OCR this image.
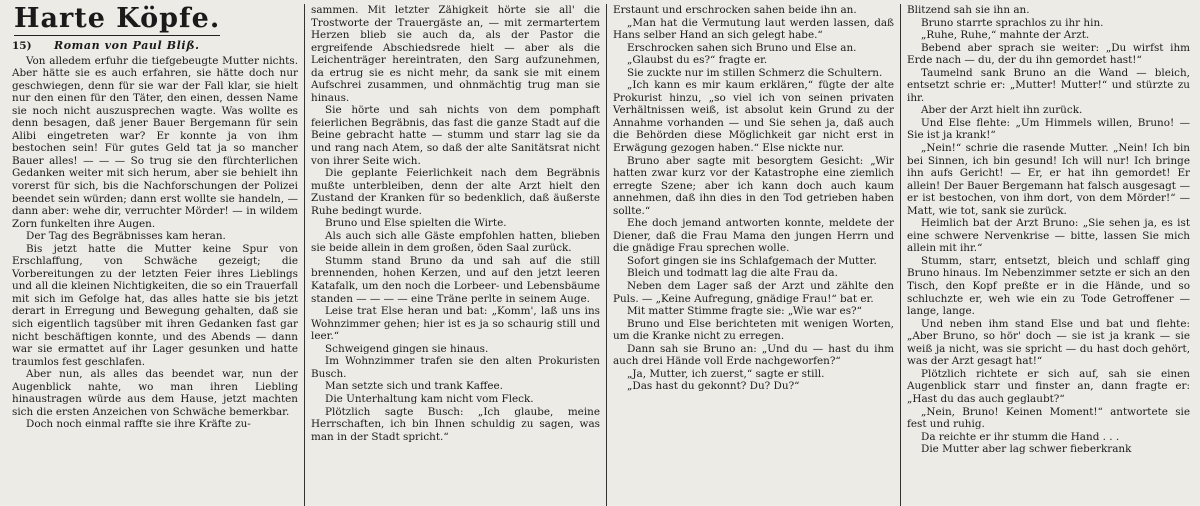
Harte Köpfe.
15)	Roman von Paul Bliß.

Von alledem erfuhr die tiefgebeugte Mutter nichts. Aber hätte sie es auch erfahren, sie hätte doch nur geschwiegen, denn für sie war der Fall klar, sie hielt nur den einen für den Täter, den einen, dessen Name sie noch nicht auszusprechen wagte. Was wollte es denn besagen, daß jener Bauer Bergemann für sein Alibi eingetreten war? Er konnte ja von ihm bestochen sein! Für gutes Geld tat ja so mancher Bauer alles! — — — So trug sie den fürchterlichen Gedanken weiter mit sich herum, aber sie behielt ihn vorerst für sich, bis die Nachforschungen der Polizei beendet sein würden; dann erst wollte sie handeln, — dann aber: wehe dir, verruchter Mörder! — in wildem Zorn funkelten ihre Augen.

Der Tag des Begräbnisses kam heran.

Bis jetzt hatte die Mutter keine Spur von Erschlaffung, von Schwäche gezeigt; die Vorbereitungen zu der letzten Feier ihres Lieblings und all die kleinen Nichtigkeiten, die so ein Trauerfall mit sich im Gefolge hat, das alles hatte sie bis jetzt derart in Erregung und Bewegung gehalten, daß sie sich eigentlich tagsüber mit ihren Gedanken fast gar nicht beschäftigen konnte, und des Abends — dann war sie ermattet auf ihr Lager gesunken und hatte traumlos fest geschlafen.

Aber nun, als alles das beendet war, nun der Augenblick nahte, wo man ihren Liebling hinaustragen würde aus dem Hause, jetzt machten sich die ersten Anzeichen von Schwäche bemerkbar.

Doch noch einmal raffte sie ihre Kräfte zu-

sammen. Mit letzter Zähigkeit hörte sie all' die Trostworte der Trauergäste an, — mit zermartertem Herzen blieb sie auch da, als der Pastor die ergreifende Abschiedsrede hielt — aber als die Leichenträger hereintraten, den Sarg aufzunehmen, da ertrug sie es nicht mehr, da sank sie mit einem Aufschrei zusammen, und ohnmächtig trug man sie hinaus.

Sie hörte und sah nichts von dem pomphaft feierlichen Begräbnis, das fast die ganze Stadt auf die Beine gebracht hatte — stumm und starr lag sie da und rang nach Atem, so daß der alte Sanitätsrat nicht von ihrer Seite wich.

Die geplante Feierlichkeit nach dem Begräbnis mußte unterbleiben, denn der alte Arzt hielt den Zustand der Kranken für so bedenklich, daß äußerste Ruhe bedingt wurde.

Bruno und Else spielten die Wirte.

Als auch sich alle Gäste empfohlen hatten, blieben sie beide allein in dem großen, öden Saal zurück.

Stumm stand Bruno da und sah auf die still brennenden, hohen Kerzen, und auf den jetzt leeren Katafalk, um den noch die Lorbeer- und Lebensbäume standen — — — — eine Träne perlte in seinem Auge.

Leise trat Else heran und bat: „Komm', laß uns ins Wohnzimmer gehen; hier ist es ja so schaurig still und leer.“

Schweigend gingen sie hinaus.

Im Wohnzimmer trafen sie den alten Prokuristen Busch.

Man setzte sich und trank Kaffee.

Die Unterhaltung kam nicht vom Fleck.

Plötzlich sagte Busch: „Ich glaube, meine Herrschaften, ich bin Ihnen schuldig zu sagen, was man in der Stadt spricht.“

Erstaunt und erschrocken sahen beide ihn an.

„Man hat die Vermutung laut werden lassen, daß Hans selber Hand an sich gelegt habe.“

Erschrocken sahen sich Bruno und Else an.

„Glaubst du es?“ fragte er.

Sie zuckte nur im stillen Schmerz die Schultern.

„Ich kann es mir kaum erklären,“ fügte der alte Prokurist hinzu, „so viel ich von seinen privaten Verhältnissen weiß, ist absolut kein Grund zu der Annahme vorhanden — und Sie sehen ja, daß auch die Behörden diese Möglichkeit gar nicht erst in Erwägung gezogen haben.“ Else nickte nur.

Bruno aber sagte mit besorgtem Gesicht: „Wir hatten zwar kurz vor der Katastrophe eine ziemlich erregte Szene; aber ich kann doch auch kaum annehmen, daß ihn dies in den Tod getrieben haben sollte.“

Ehe doch jemand antworten konnte, meldete der Diener, daß die Frau Mama den jungen Herrn und die gnädige Frau sprechen wolle.

Sofort gingen sie ins Schlafgemach der Mutter.

Bleich und todmatt lag die alte Frau da.

Neben dem Lager saß der Arzt und zählte den Puls. — „Keine Aufregung, gnädige Frau!“ bat er.

Mit matter Stimme fragte sie: „Wie war es?“

Bruno und Else berichteten mit wenigen Worten, um die Kranke nicht zu erregen.

Dann sah sie Bruno an: „Und du — hast du ihm auch drei Hände voll Erde nachgeworfen?“

„Ja, Mutter, ich zuerst,“ sagte er still.

„Das hast du gekonnt? Du? Du?“

Blitzend sah sie ihn an.

Bruno starrte sprachlos zu ihr hin.

„Ruhe, Ruhe,“ mahnte der Arzt.

Bebend aber sprach sie weiter: „Du wirfst ihm Erde nach — du, der du ihn gemordet hast!“

Taumelnd sank Bruno an die Wand — bleich, entsetzt schrie er: „Mutter! Mutter!“ und stürzte zu ihr.

Aber der Arzt hielt ihn zurück.

Und Else flehte: „Um Himmels willen, Bruno! — Sie ist ja krank!“

„Nein!“ schrie die rasende Mutter. „Nein! Ich bin bei Sinnen, ich bin gesund! Ich will nur! Ich bringe ihn aufs Gericht! — Er, er hat ihn gemordet! Er allein! Der Bauer Bergemann hat falsch ausgesagt — er ist bestochen, von ihm dort, von dem Mörder!“ — Matt, wie tot, sank sie zurück.

Heimlich bat der Arzt Bruno: „Sie sehen ja, es ist eine schwere Nervenkrise — bitte, lassen Sie mich allein mit ihr.“

Stumm, starr, entsetzt, bleich und schlaff ging Bruno hinaus. Im Nebenzimmer setzte er sich an den Tisch, den Kopf preßte er in die Hände, und so schluchzte er, weh wie ein zu Tode Getroffener — lange, lange.

Und neben ihm stand Else und bat und flehte: „Aber Bruno, so hör' doch — sie ist ja krank — sie weiß ja nicht, was sie spricht — du hast doch gehört, was der Arzt gesagt hat!“

Plötzlich richtete er sich auf, sah sie einen Augenblick starr und finster an, dann fragte er: „Hast du das auch geglaubt?“

„Nein, Bruno! Keinen Moment!“ antwortete sie fest und ruhig.

Da reichte er ihr stumm die Hand . . .

Die Mutter aber lag schwer fieberkrank
